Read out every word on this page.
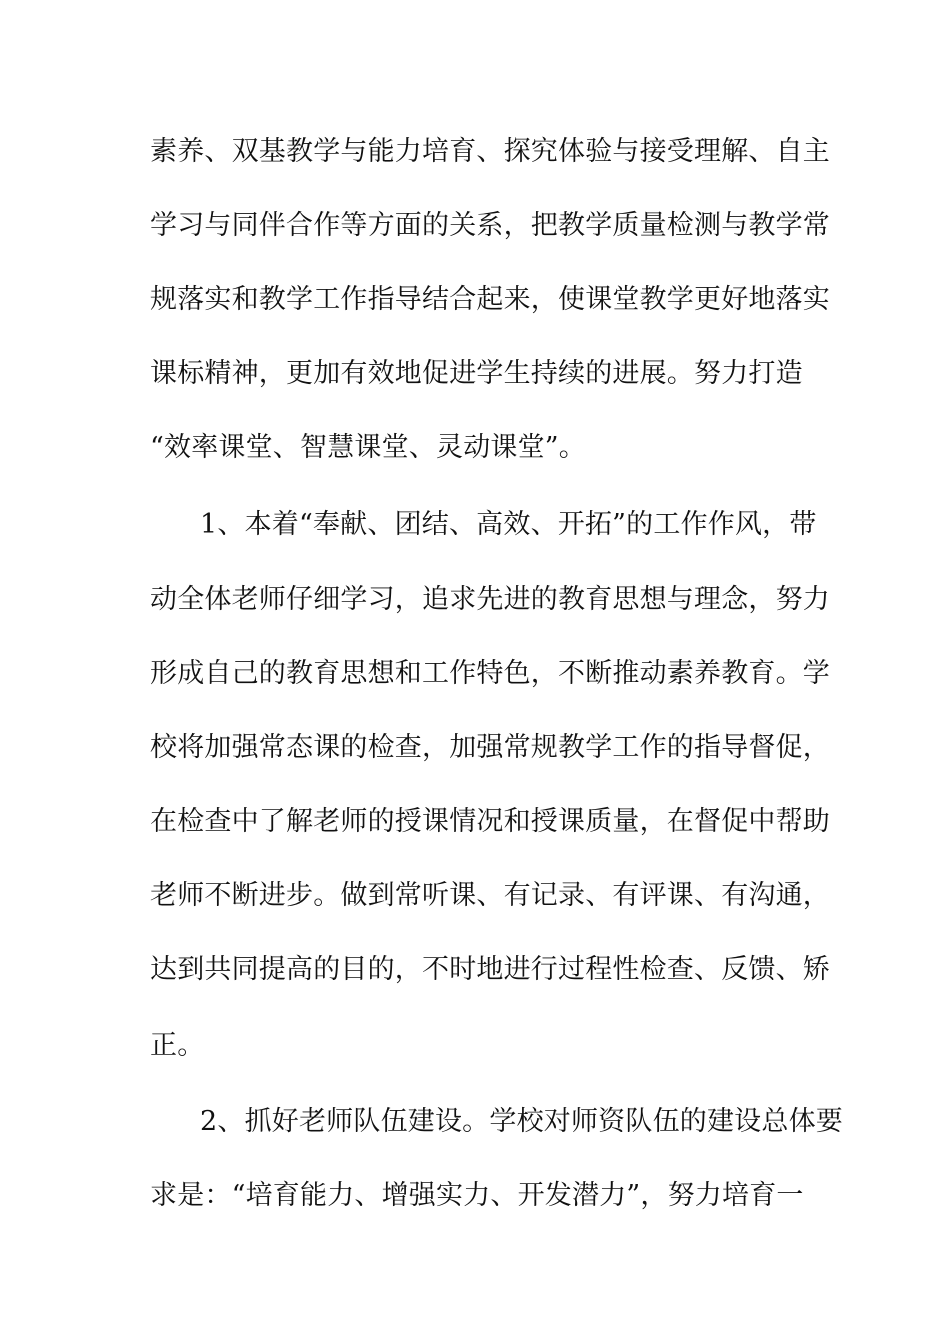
素养、双基教学与能力培育、探究体验与接受理解、自主
学习与同伴合作等方面的关系，把教学质量检测与教学常
规落实和教学工作指导结合起来，使课堂教学更好地落实
课标精神，更加有效地促进学生持续的进展。努力打造
“效率课堂、智慧课堂、灵动课堂”。
1、本着“奉献、团结、高效、开拓”的工作作风，带
动全体老师仔细学习，追求先进的教育思想与理念，努力
形成自己的教育思想和工作特色，不断推动素养教育。学
校将加强常态课的检查，加强常规教学工作的指导督促，
在检查中了解老师的授课情况和授课质量，在督促中帮助
老师不断进步。做到常听课、有记录、有评课、有沟通，
达到共同提高的目的，不时地进行过程性检查、反馈、矫
正。
2、抓好老师队伍建设。学校对师资队伍的建设总体要
求是：“培育能力、增强实力、开发潜力”，努力培育一
